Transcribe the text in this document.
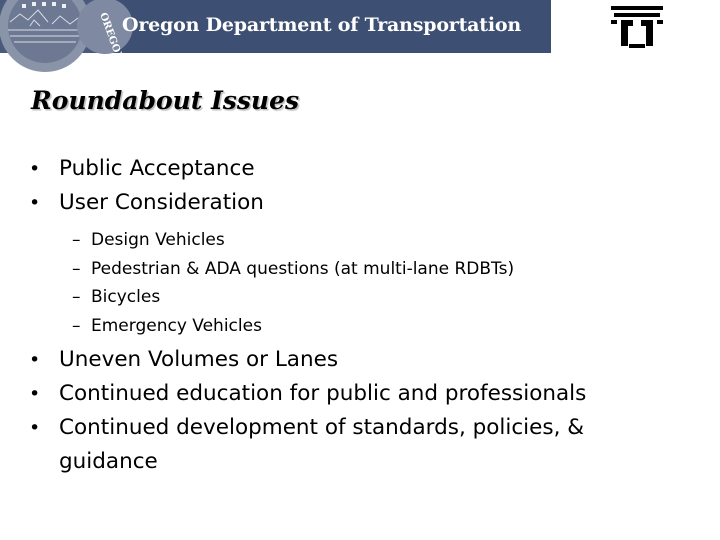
OREGON
Oregon Department of Transportation
Roundabout Issues
• Public Acceptance
• User Consideration
– Design Vehicles
– Pedestrian & ADA questions (at multi-lane RDBTs)
– Bicycles
– Emergency Vehicles
• Uneven Volumes or Lanes
• Continued education for public and professionals
• Continued development of standards, policies, & guidance
